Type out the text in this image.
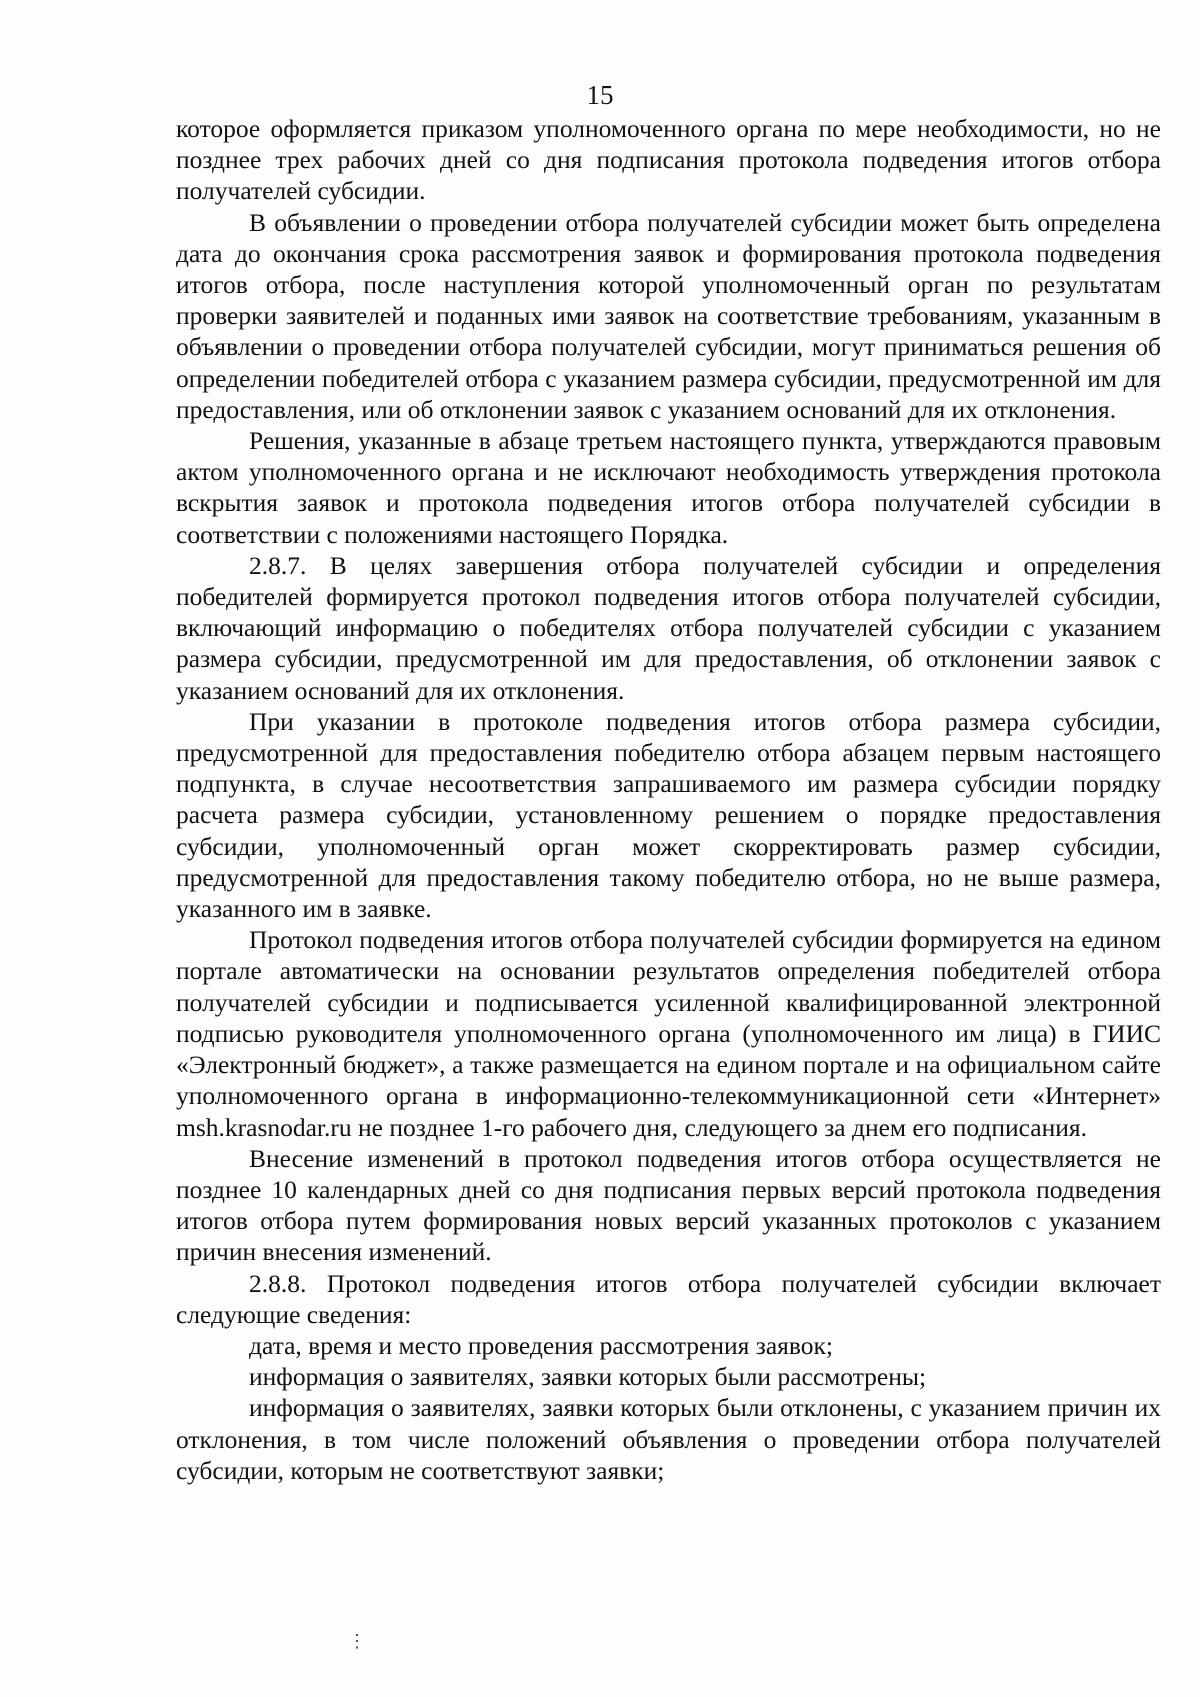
15

которое оформляется приказом уполномоченного органа по мере необходимости, но не позднее трех рабочих дней со дня подписания протокола подведения итогов отбора получателей субсидии.

В объявлении о проведении отбора получателей субсидии может быть определена дата до окончания срока рассмотрения заявок и формирования протокола подведения итогов отбора, после наступления которой уполномоченный орган по результатам проверки заявителей и поданных ими заявок на соответствие требованиям, указанным в объявлении о проведении отбора получателей субсидии, могут приниматься решения об определении победителей отбора с указанием размера субсидии, предусмотренной им для предоставления, или об отклонении заявок с указанием оснований для их отклонения.

Решения, указанные в абзаце третьем настоящего пункта, утверждаются правовым актом уполномоченного органа и не исключают необходимость утверждения протокола вскрытия заявок и протокола подведения итогов отбора получателей субсидии в соответствии с положениями настоящего Порядка.

2.8.7. В целях завершения отбора получателей субсидии и определения победителей формируется протокол подведения итогов отбора получателей субсидии, включающий информацию о победителях отбора получателей субсидии с указанием размера субсидии, предусмотренной им для предоставления, об отклонении заявок с указанием оснований для их отклонения.

При указании в протоколе подведения итогов отбора размера субсидии, предусмотренной для предоставления победителю отбора абзацем первым настоящего подпункта, в случае несоответствия запрашиваемого им размера субсидии порядку расчета размера субсидии, установленному решением о порядке предоставления субсидии, уполномоченный орган может скорректировать размер субсидии, предусмотренной для предоставления такому победителю отбора, но не выше размера, указанного им в заявке.

Протокол подведения итогов отбора получателей субсидии формируется на едином портале автоматически на основании результатов определения победителей отбора получателей субсидии и подписывается усиленной квалифицированной электронной подписью руководителя уполномоченного органа (уполномоченного им лица) в ГИИС «Электронный бюджет», а также размещается на едином портале и на официальном сайте уполномоченного органа в информационно-телекоммуникационной сети «Интернет» msh.krasnodar.ru не позднее 1-го рабочего дня, следующего за днем его подписания.

Внесение изменений в протокол подведения итогов отбора осуществляется не позднее 10 календарных дней со дня подписания первых версий протокола подведения итогов отбора путем формирования новых версий указанных протоколов с указанием причин внесения изменений.

2.8.8. Протокол подведения итогов отбора получателей субсидии включает следующие сведения:

дата, время и место проведения рассмотрения заявок;

информация о заявителях, заявки которых были рассмотрены;

информация о заявителях, заявки которых были отклонены, с указанием причин их отклонения, в том числе положений объявления о проведении отбора получателей субсидии, которым не соответствуют заявки;

⋮
